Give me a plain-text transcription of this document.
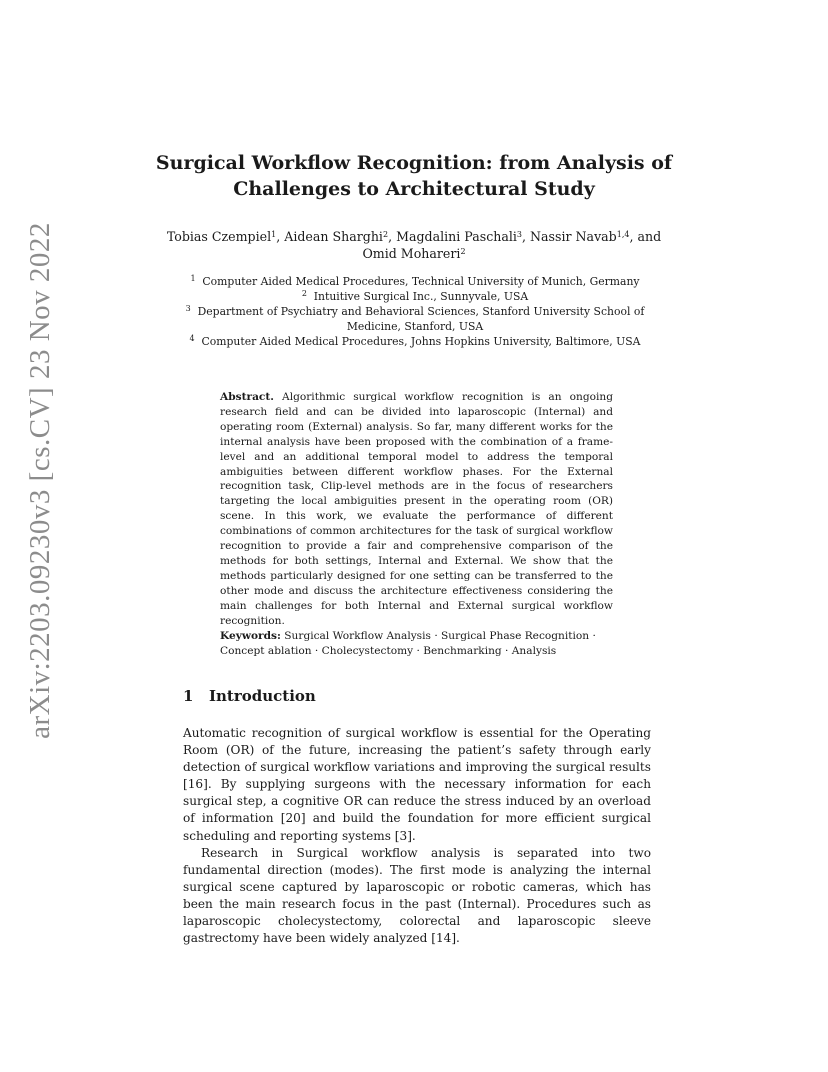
arXiv:2203.09230v3 [cs.CV] 23 Nov 2022
Surgical Workflow Recognition: from Analysis of
Challenges to Architectural Study
Tobias Czempiel$^1$, Aidean Sharghi$^2$, Magdalini Paschali$^3$, Nassir Navab$^{1,4}$, and
Omid Mohareri$^2$
$^1$ Computer Aided Medical Procedures, Technical University of Munich, Germany
$^2$ Intuitive Surgical Inc., Sunnyvale, USA
$^3$ Department of Psychiatry and Behavioral Sciences, Stanford University School of Medicine, Stanford, USA
$^4$ Computer Aided Medical Procedures, Johns Hopkins University, Baltimore, USA
Abstract. Algorithmic surgical workflow recognition is an ongoing research field and can be divided into laparoscopic (Internal) and operating room (External) analysis. So far, many different works for the internal analysis have been proposed with the combination of a frame-level and an additional temporal model to address the temporal ambiguities between different workflow phases. For the External recognition task, Clip-level methods are in the focus of researchers targeting the local ambiguities present in the operating room (OR) scene. In this work, we evaluate the performance of different combinations of common architectures for the task of surgical workflow recognition to provide a fair and comprehensive comparison of the methods for both settings, Internal and External. We show that the methods particularly designed for one setting can be transferred to the other mode and discuss the architecture effectiveness considering the main challenges for both Internal and External surgical workflow recognition.
Keywords: Surgical Workflow Analysis · Surgical Phase Recognition · Concept ablation · Cholecystectomy · Benchmarking · Analysis
1 Introduction

Automatic recognition of surgical workflow is essential for the Operating Room (OR) of the future, increasing the patient’s safety through early detection of surgical workflow variations and improving the surgical results [16]. By supplying surgeons with the necessary information for each surgical step, a cognitive OR can reduce the stress induced by an overload of information [20] and build the foundation for more efficient surgical scheduling and reporting systems [3].

Research in Surgical workflow analysis is separated into two fundamental direction (modes). The first mode is analyzing the internal surgical scene captured by laparoscopic or robotic cameras, which has been the main research focus in the past (Internal). Procedures such as laparoscopic cholecystectomy, colorectal and laparoscopic sleeve gastrectomy have been widely analyzed [14].
